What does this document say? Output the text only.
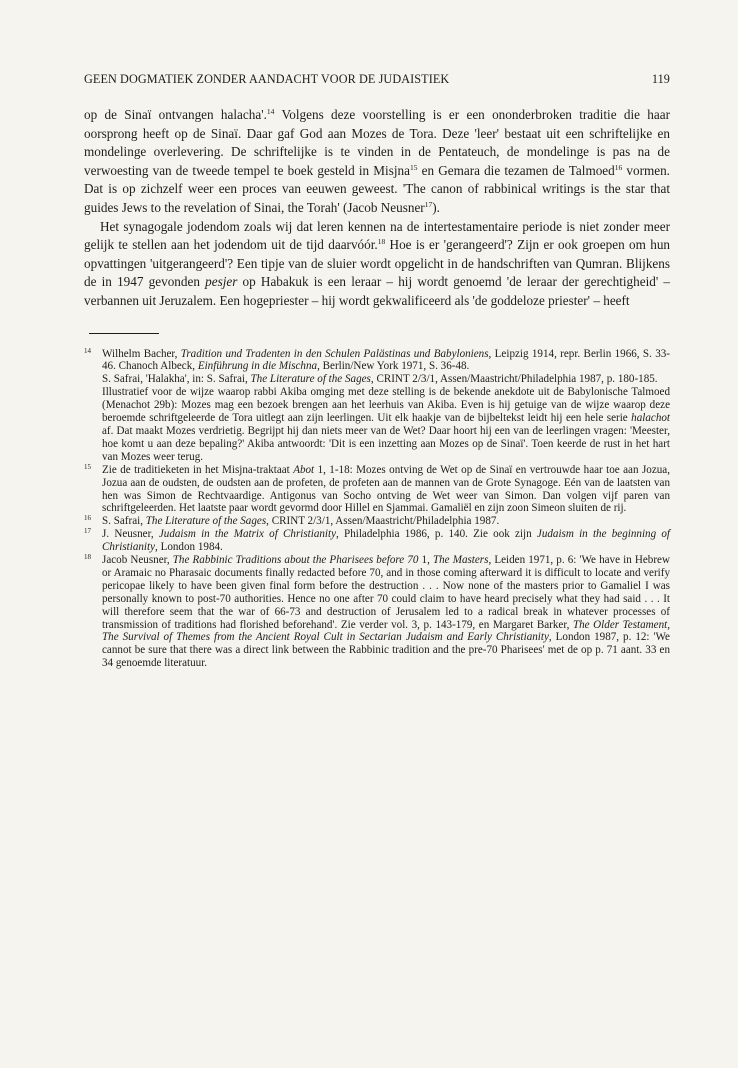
GEEN DOGMATIEK ZONDER AANDACHT VOOR DE JUDAISTIEK	119

op de Sinaï ontvangen halacha'.$^{14}$ Volgens deze voorstelling is er een ononderbroken traditie die haar oorsprong heeft op de Sinaï. Daar gaf God aan Mozes de Tora. Deze 'leer' bestaat uit een schriftelijke en mondelinge overlevering. De schriftelijke is te vinden in de Pentateuch, de mondelinge is pas na de verwoesting van de tweede tempel te boek gesteld in Misjna$^{15}$ en Gemara die tezamen de Talmoed$^{16}$ vormen. Dat is op zichzelf weer een proces van eeuwen geweest. 'The canon of rabbinical writings is the star that guides Jews to the revelation of Sinai, the Torah' (Jacob Neusner$^{17}$).

Het synagogale jodendom zoals wij dat leren kennen na de intertestamentaire periode is niet zonder meer gelijk te stellen aan het jodendom uit de tijd daarvóór.$^{18}$ Hoe is er 'gerangeerd'? Zijn er ook groepen om hun opvattingen 'uitgerangeerd'? Een tipje van de sluier wordt opgelicht in de handschriften van Qumran. Blijkens de in 1947 gevonden pesjer op Habakuk is een leraar – hij wordt genoemd 'de leraar der gerechtigheid' – verbannen uit Jeruzalem. Een hogepriester – hij wordt gekwalificeerd als 'de goddeloze priester' – heeft

$^{14}$ Wilhelm Bacher, Tradition und Tradenten in den Schulen Palästinas und Babyloniens, Leipzig 1914, repr. Berlin 1966, S. 33-46. Chanoch Albeck, Einführung in die Mischna, Berlin/New York 1971, S. 36-48.

S. Safrai, 'Halakha', in: S. Safrai, The Literature of the Sages, CRINT 2/3/1, Assen/Maastricht/Philadelphia 1987, p. 180-185.

Illustratief voor de wijze waarop rabbi Akiba omging met deze stelling is de bekende anekdote uit de Babylonische Talmoed (Menachot 29b): Mozes mag een bezoek brengen aan het leerhuis van Akiba. Even is hij getuige van de wijze waarop deze beroemde schriftgeleerde de Tora uitlegt aan zijn leerlingen. Uit elk haakje van de bijbeltekst leidt hij een hele serie halachot af. Dat maakt Mozes verdrietig. Begrijpt hij dan niets meer van de Wet? Daar hoort hij een van de leerlingen vragen: 'Meester, hoe komt u aan deze bepaling?' Akiba antwoordt: 'Dit is een inzetting aan Mozes op de Sinaï'. Toen keerde de rust in het hart van Mozes weer terug.

$^{15}$ Zie de traditieketen in het Misjna-traktaat Abot 1, 1-18: Mozes ontving de Wet op de Sinaï en vertrouwde haar toe aan Jozua, Jozua aan de oudsten, de oudsten aan de profeten, de profeten aan de mannen van de Grote Synagoge. Eén van de laatsten van hen was Simon de Rechtvaardige. Antigonus van Socho ontving de Wet weer van Simon. Dan volgen vijf paren van schriftgeleerden. Het laatste paar wordt gevormd door Hillel en Sjammai. Gamaliël en zijn zoon Simeon sluiten de rij.

$^{16}$ S. Safrai, The Literature of the Sages, CRINT 2/3/1, Assen/Maastricht/Philadelphia 1987.

$^{17}$ J. Neusner, Judaism in the Matrix of Christianity, Philadelphia 1986, p. 140. Zie ook zijn Judaism in the beginning of Christianity, London 1984.

$^{18}$ Jacob Neusner, The Rabbinic Traditions about the Pharisees before 70 1, The Masters, Leiden 1971, p. 6: 'We have in Hebrew or Aramaic no Pharasaic documents finally redacted before 70, and in those coming afterward it is difficult to locate and verify pericopae likely to have been given final form before the destruction . . . Now none of the masters prior to Gamaliel I was personally known to post-70 authorities. Hence no one after 70 could claim to have heard precisely what they had said . . . It will therefore seem that the war of 66-73 and destruction of Jerusalem led to a radical break in whatever processes of transmission of traditions had florished beforehand'. Zie verder vol. 3, p. 143-179, en Margaret Barker, The Older Testament, The Survival of Themes from the Ancient Royal Cult in Sectarian Judaism and Early Christianity, London 1987, p. 12: 'We cannot be sure that there was a direct link between the Rabbinic tradition and the pre-70 Pharisees' met de op p. 71 aant. 33 en 34 genoemde literatuur.
